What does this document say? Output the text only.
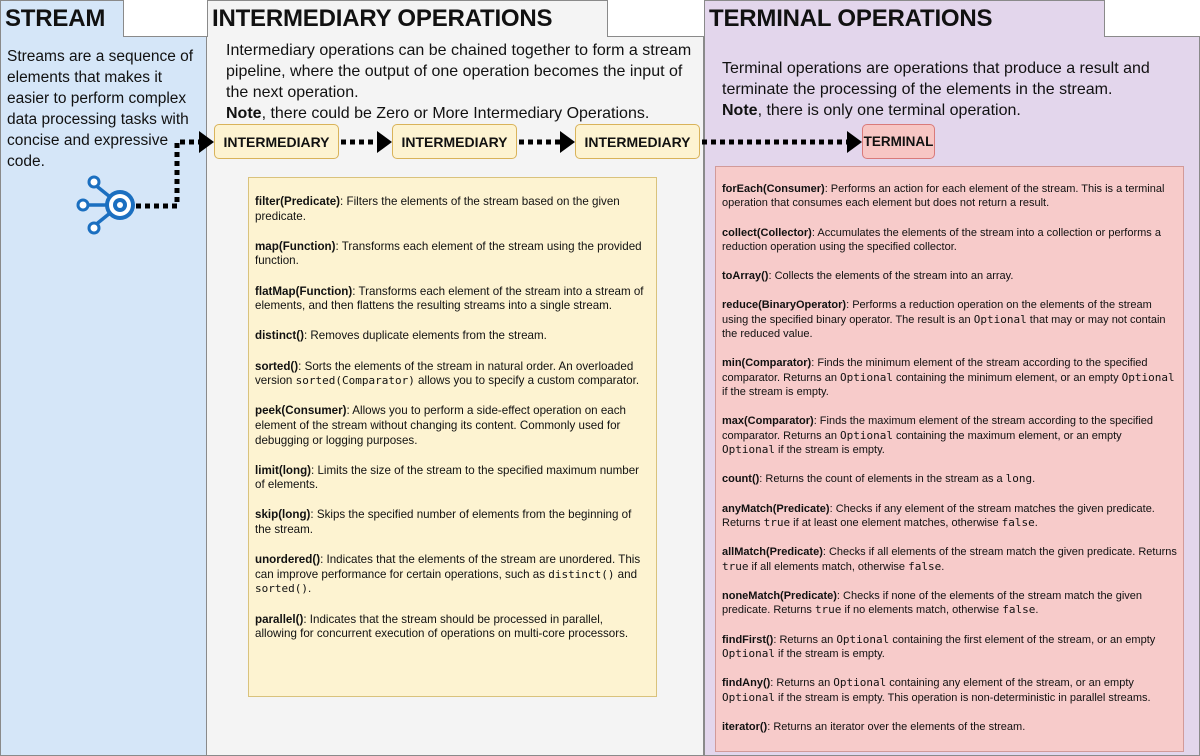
STREAM	INTERMEDIARY OPERATIONS	TERMINAL OPERATIONS
Streams are a sequence of elements that makes it easier to perform complex data processing tasks with concise and expressive code.
Intermediary operations can be chained together to form a stream pipeline, where the output of one operation becomes the input of the next operation.
Note, there could be Zero or More Intermediary Operations.
Terminal operations are operations that produce a result and terminate the processing of the elements in the stream.
Note, there is only one terminal operation.
INTERMEDIARY	INTERMEDIARY	INTERMEDIARY	TERMINAL
filter(Predicate): Filters the elements of the stream based on the given predicate.
map(Function): Transforms each element of the stream using the provided function.
flatMap(Function): Transforms each element of the stream into a stream of elements, and then flattens the resulting streams into a single stream.
distinct(): Removes duplicate elements from the stream.
sorted(): Sorts the elements of the stream in natural order. An overloaded version sorted(Comparator) allows you to specify a custom comparator.
peek(Consumer): Allows you to perform a side-effect operation on each element of the stream without changing its content. Commonly used for debugging or logging purposes.
limit(long): Limits the size of the stream to the specified maximum number of elements.
skip(long): Skips the specified number of elements from the beginning of the stream.
unordered(): Indicates that the elements of the stream are unordered. This can improve performance for certain operations, such as distinct() and sorted().
parallel(): Indicates that the stream should be processed in parallel, allowing for concurrent execution of operations on multi-core processors.
forEach(Consumer): Performs an action for each element of the stream. This is a terminal operation that consumes each element but does not return a result.
collect(Collector): Accumulates the elements of the stream into a collection or performs a reduction operation using the specified collector.
toArray(): Collects the elements of the stream into an array.
reduce(BinaryOperator): Performs a reduction operation on the elements of the stream using the specified binary operator. The result is an Optional that may or may not contain the reduced value.
min(Comparator): Finds the minimum element of the stream according to the specified comparator. Returns an Optional containing the minimum element, or an empty Optional if the stream is empty.
max(Comparator): Finds the maximum element of the stream according to the specified comparator. Returns an Optional containing the maximum element, or an empty Optional if the stream is empty.
count(): Returns the count of elements in the stream as a long.
anyMatch(Predicate): Checks if any element of the stream matches the given predicate. Returns true if at least one element matches, otherwise false.
allMatch(Predicate): Checks if all elements of the stream match the given predicate. Returns true if all elements match, otherwise false.
noneMatch(Predicate): Checks if none of the elements of the stream match the given predicate. Returns true if no elements match, otherwise false.
findFirst(): Returns an Optional containing the first element of the stream, or an empty Optional if the stream is empty.
findAny(): Returns an Optional containing any element of the stream, or an empty Optional if the stream is empty. This operation is non-deterministic in parallel streams.
iterator(): Returns an iterator over the elements of the stream.
